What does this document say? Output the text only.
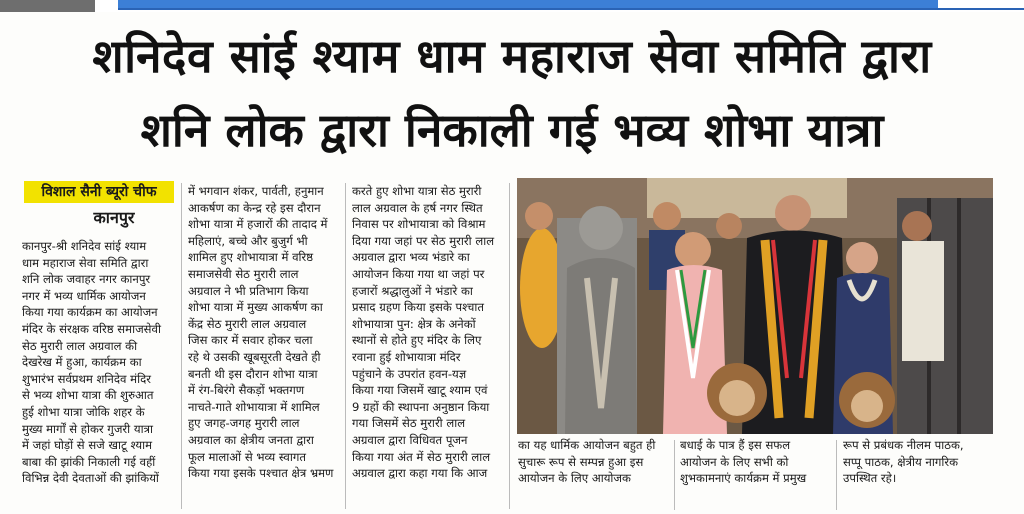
शनिदेव सांई श्याम धाम महाराज सेवा समिति द्वारा
शनि लोक द्वारा निकाली गई भव्य शोभा यात्रा
विशाल सैनी ब्यूरो चीफ
कानपुर
कानपुर-श्री शनिदेव सांई श्याम
धाम महाराज सेवा समिति द्वारा
शनि लोक जवाहर नगर कानपुर
नगर में भव्य धार्मिक आयोजन
किया गया कार्यक्रम का आयोजन
मंदिर के संरक्षक वरिष्ठ समाजसेवी
सेठ मुरारी लाल अग्रवाल की
देखरेख में हुआ, कार्यक्रम का
शुभारंभ सर्वप्रथम शनिदेव मंदिर
से भव्य शोभा यात्रा की शुरुआत
हुई शोभा यात्रा जोकि शहर के
मुख्य मार्गों से होकर गुजरी यात्रा
में जहां घोड़ों से सजे खाटू श्याम
बाबा की झांकी निकाली गई वहीं
विभिन्न देवी देवताओं की झांकियों
में भगवान शंकर, पार्वती, हनुमान
आकर्षण का केन्द्र रहे इस दौरान
शोभा यात्रा में हजारों की तादाद में
महिलाएं, बच्चे और बुजुर्ग भी
शामिल हुए शोभायात्रा में वरिष्ठ
समाजसेवी सेठ मुरारी लाल
अग्रवाल ने भी प्रतिभाग किया
शोभा यात्रा में मुख्य आकर्षण का
केंद्र सेठ मुरारी लाल अग्रवाल
जिस कार में सवार होकर चला
रहे थे उसकी खूबसूरती देखते ही
बनती थी इस दौरान शोभा यात्रा
में रंग-बिरंगे सैकड़ों भक्तगण
नाचते-गाते शोभायात्रा में शामिल
हुए जगह-जगह मुरारी लाल
अग्रवाल का क्षेत्रीय जनता द्वारा
फूल मालाओं से भव्य स्वागत
किया गया इसके पश्चात क्षेत्र भ्रमण
करते हुए शोभा यात्रा सेठ मुरारी
लाल अग्रवाल के हर्ष नगर स्थित
निवास पर शोभायात्रा को विश्राम
दिया गया जहां पर सेठ मुरारी लाल
अग्रवाल द्वारा भव्य भंडारे का
आयोजन किया गया था जहां पर
हजारों श्रद्धालुओं ने भंडारे का
प्रसाद ग्रहण किया इसके पश्चात
शोभायात्रा पुन: क्षेत्र के अनेकों
स्थानों से होते हुए मंदिर के लिए
रवाना हुई शोभायात्रा मंदिर
पहुंचाने के उपरांत हवन-यज्ञ
किया गया जिसमें खाटू श्याम एवं
9 ग्रहों की स्थापना अनुष्ठान किया
गया जिसमें सेठ मुरारी लाल
अग्रवाल द्वारा विधिवत पूजन
किया गया अंत में सेठ मुरारी लाल
अग्रवाल द्वारा कहा गया कि आज
का यह धार्मिक आयोजन बहुत ही
सुचारू रूप से सम्पन्न हुआ इस
आयोजन के लिए आयोजक
बधाई के पात्र हैं इस सफल
आयोजन के लिए सभी को
शुभकामनाएं कार्यक्रम में प्रमुख
रूप से प्रबंधक नीलम पाठक,
सप्पू पाठक, क्षेत्रीय नागरिक
उपस्थित रहे।
